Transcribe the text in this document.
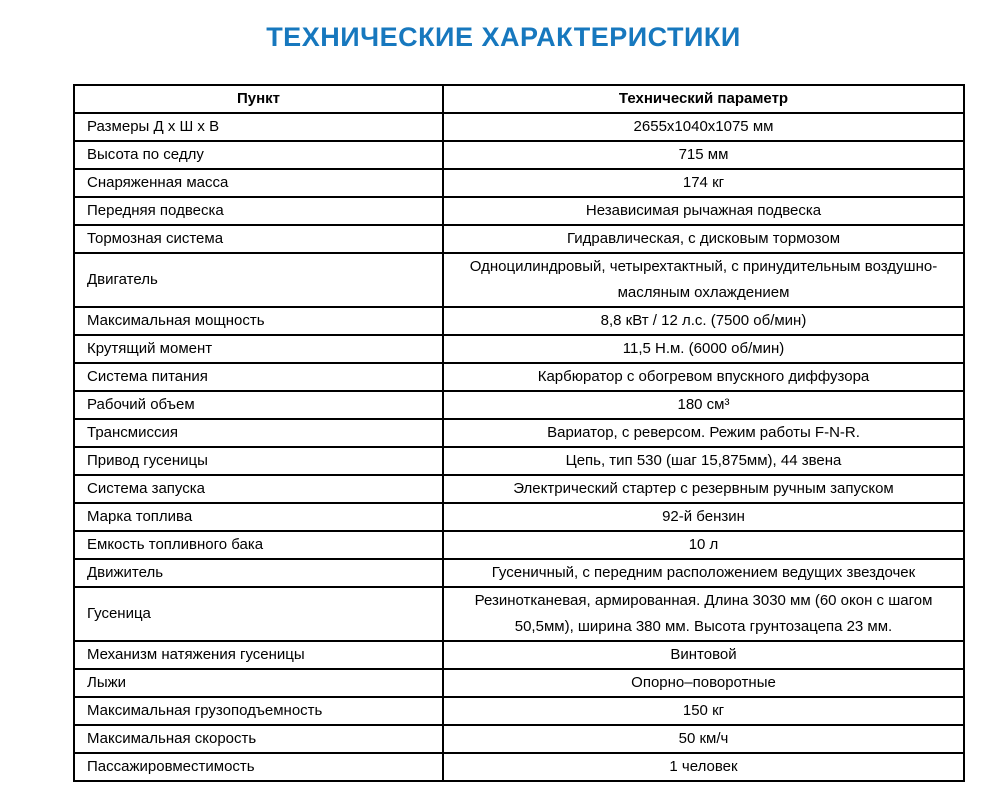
ТЕХНИЧЕСКИЕ ХАРАКТЕРИСТИКИ
Пункт	Технический параметр
Размеры Д х Ш х В	2655х1040х1075 мм
Высота по седлу	715 мм
Снаряженная масса	174 кг
Передняя подвеска	Независимая рычажная подвеска
Тормозная система	Гидравлическая, с дисковым тормозом
Двигатель	Одноцилиндровый, четырехтактный, с принудительным воздушно-масляным охлаждением
Максимальная мощность	8,8 кВт / 12 л.с. (7500 об/мин)
Крутящий момент	11,5 Н.м. (6000 об/мин)
Система питания	Карбюратор с обогревом впускного диффузора
Рабочий объем	180 см³
Трансмиссия	Вариатор, с реверсом. Режим работы F-N-R.
Привод гусеницы	Цепь, тип 530 (шаг 15,875мм), 44 звена
Система запуска	Электрический стартер с резервным ручным запуском
Марка топлива	92-й бензин
Емкость топливного бака	10 л
Движитель	Гусеничный, с передним расположением ведущих звездочек
Гусеница	Резинотканевая, армированная. Длина 3030 мм (60 окон с шагом 50,5мм), ширина 380 мм. Высота грунтозацепа 23 мм.
Механизм натяжения гусеницы	Винтовой
Лыжи	Опорно–поворотные
Максимальная грузоподъемность	150 кг
Максимальная скорость	50 км/ч
Пассажировместимость	1 человек
